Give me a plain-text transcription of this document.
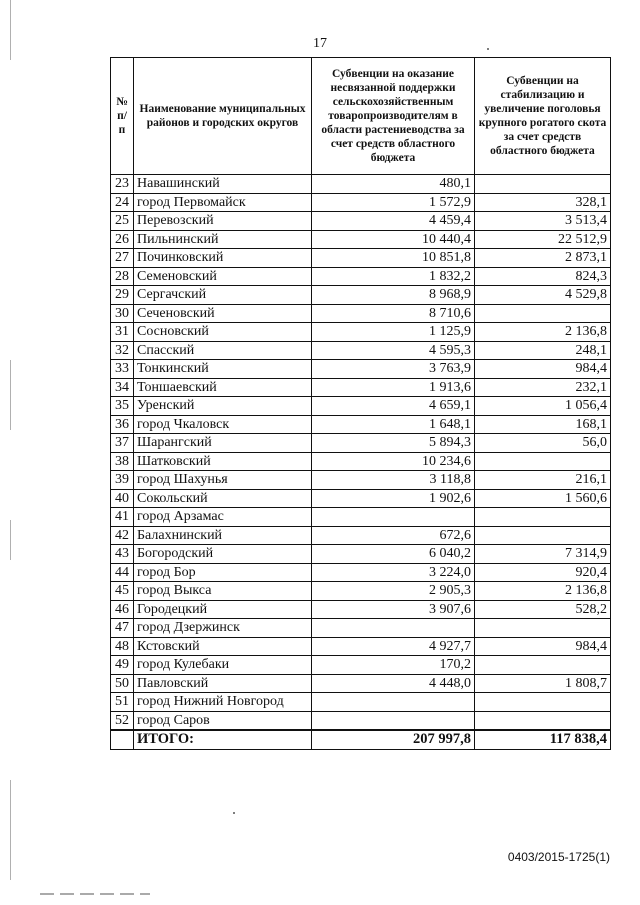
17
№ п/п	Наименование муниципальных районов и городских округов	Субвенции на оказание несвязанной поддержки сельскохозяйственным товаропроизводителям в области растениеводства за счет средств областного бюджета	Субвенции на стабилизацию и увеличение поголовья крупного рогатого скота за счет средств областного бюджета
23	Навашинский	480,1	
24	город Первомайск	1 572,9	328,1
25	Перевозский	4 459,4	3 513,4
26	Пильнинский	10 440,4	22 512,9
27	Починковский	10 851,8	2 873,1
28	Семеновский	1 832,2	824,3
29	Сергачский	8 968,9	4 529,8
30	Сеченовский	8 710,6	
31	Сосновский	1 125,9	2 136,8
32	Спасский	4 595,3	248,1
33	Тонкинский	3 763,9	984,4
34	Тоншаевский	1 913,6	232,1
35	Уренский	4 659,1	1 056,4
36	город Чкаловск	1 648,1	168,1
37	Шарангский	5 894,3	56,0
38	Шатковский	10 234,6	
39	город Шахунья	3 118,8	216,1
40	Сокольский	1 902,6	1 560,6
41	город Арзамас		
42	Балахнинский	672,6	
43	Богородский	6 040,2	7 314,9
44	город Бор	3 224,0	920,4
45	город Выкса	2 905,3	2 136,8
46	Городецкий	3 907,6	528,2
47	город Дзержинск		
48	Кстовский	4 927,7	984,4
49	город Кулебаки	170,2	
50	Павловский	4 448,0	1 808,7
51	город Нижний Новгород		
52	город Саров		
	ИТОГО:	207 997,8	117 838,4
0403/2015-1725(1)
